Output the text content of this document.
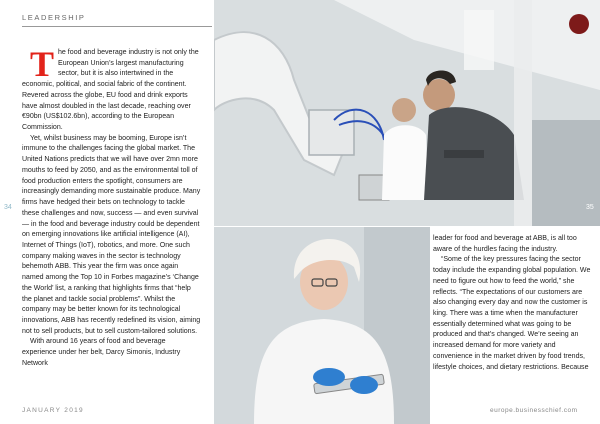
LEADERSHIP
T he food and beverage industry is not only the European Union’s largest manufacturing sector, but it is also intertwined in the economic, political, and social fabric of the continent. Revered across the globe, EU food and drink exports have almost doubled in the last decade, reaching over €90bn (US$102.6bn), according to the European Commission.

Yet, whilst business may be booming, Europe isn’t immune to the challenges facing the global market. The United Nations predicts that we will have over 2mn more mouths to feed by 2050, and as the environmental toll of food production enters the spotlight, consumers are increasingly demanding more sustainable produce. Many firms have hedged their bets on technology to tackle these challenges and now, success — and even survival — in the food and beverage industry could be dependent on emerging innovations like artificial intelligence (AI), Internet of Things (IoT), robotics, and more. One such company making waves in the sector is technology behemoth ABB. This year the firm was once again named among the Top 10 in Forbes magazine’s ‘Change the World’ list, a ranking that highlights firms that “help the planet and tackle social problems”. Whilst the company may be better known for its technological innovations, ABB has recently redefined its vision, aiming not to sell products, but to sell custom-tailored solutions.

With around 16 years of food and beverage experience under her belt, Darcy Simonis, Industry Network

leader for food and beverage at ABB, is all too aware of the hurdles facing the industry.

“Some of the key pressures facing the sector today include the expanding global population. We need to figure out how to feed the world,” she reflects. “The expectations of our customers are also changing every day and now the customer is king. There was a time when the manufacturer essentially determined what was going to be produced and that’s changed. We’re seeing an increased demand for more variety and convenience in the market driven by food trends, lifestyle choices, and dietary restrictions. Because

34	35
JANUARY 2019	europe.businesschief.com
